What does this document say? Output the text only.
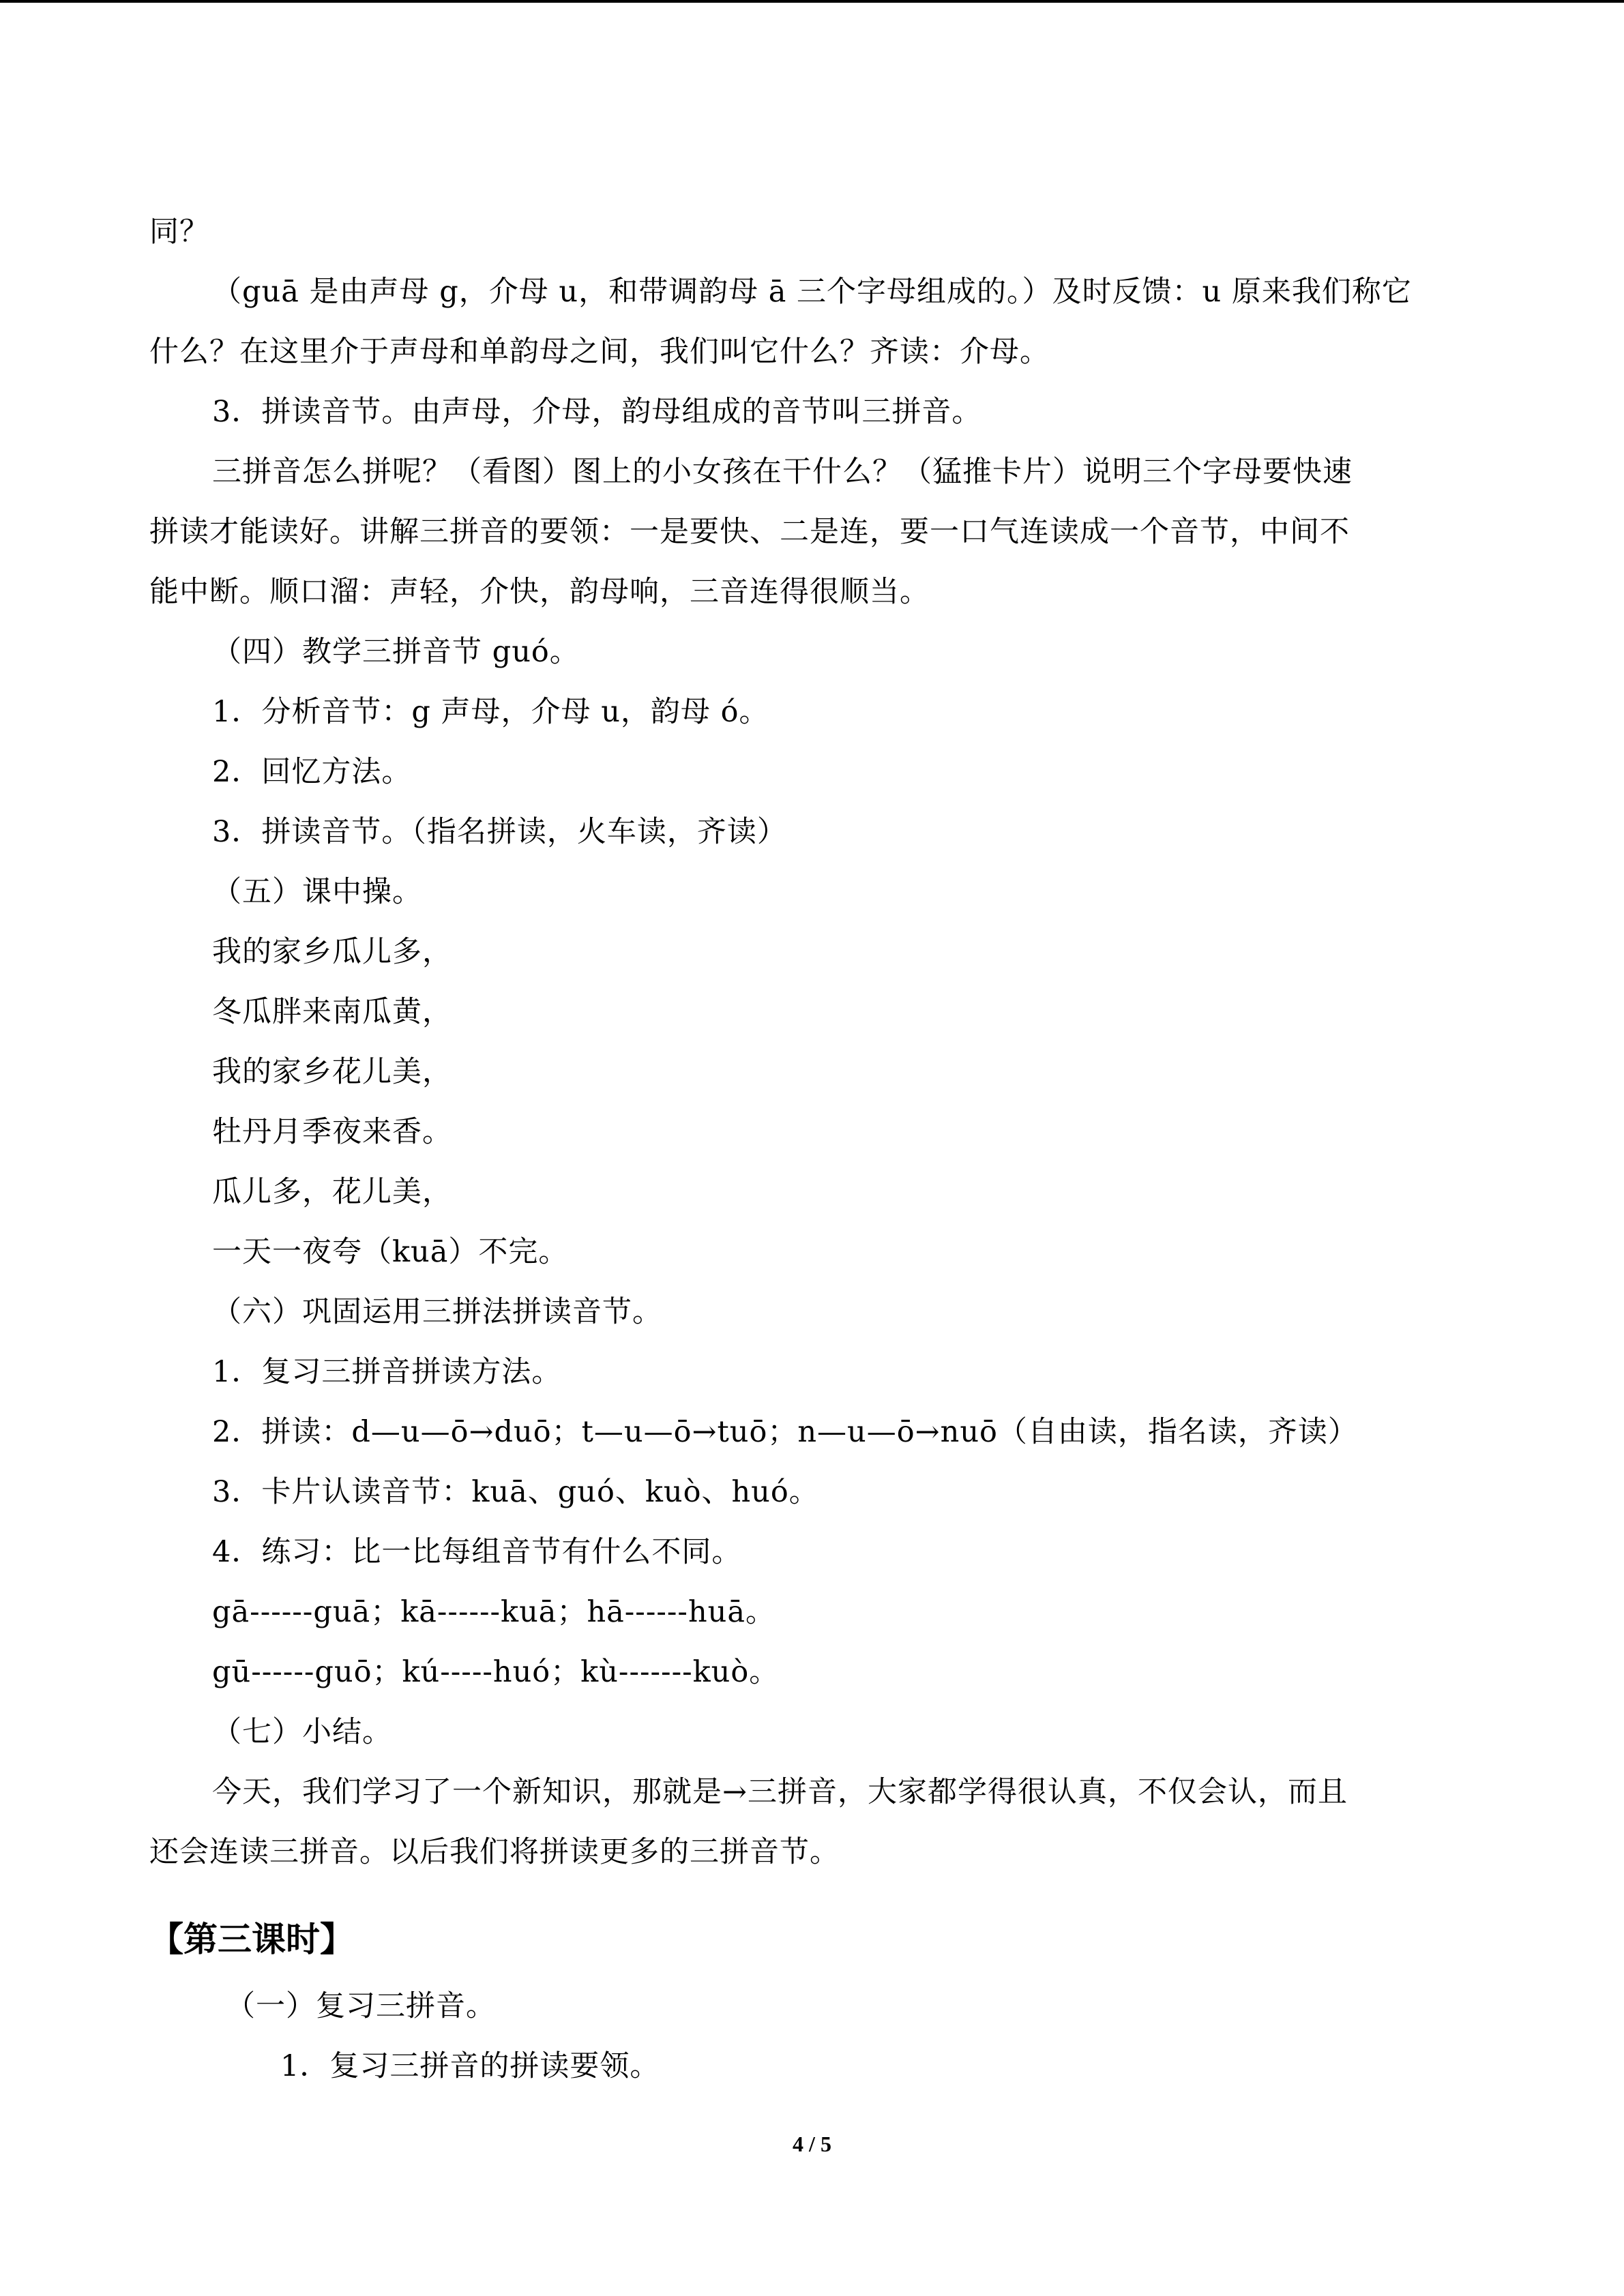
同？
（guā 是由声母 g，介母 u，和带调韵母 ā 三个字母组成的。）及时反馈：u 原来我们称它
什么？在这里介于声母和单韵母之间，我们叫它什么？齐读：介母。
3．拼读音节。由声母，介母，韵母组成的音节叫三拼音。
三拼音怎么拼呢？（看图）图上的小女孩在干什么？（猛推卡片）说明三个字母要快速
拼读才能读好。讲解三拼音的要领：一是要快、二是连，要一口气连读成一个音节，中间不
能中断。顺口溜：声轻，介快，韵母响，三音连得很顺当。
（四）教学三拼音节 guó。
1．分析音节：g 声母，介母 u，韵母 ó。
2．回忆方法。
3．拼读音节。（指名拼读，火车读，齐读）
（五）课中操。
我的家乡瓜儿多，
冬瓜胖来南瓜黄，
我的家乡花儿美，
牡丹月季夜来香。
瓜儿多，花儿美，
一天一夜夸（kuā）不完。
（六）巩固运用三拼法拼读音节。
1．复习三拼音拼读方法。
2．拼读：d—u—ō→duō；t—u—ō→tuō；n—u—ō→nuō（自由读，指名读，齐读）
3．卡片认读音节：kuā、guó、kuò、huó。
4．练习：比一比每组音节有什么不同。
gā------guā；kā------kuā；hā------huā。
gū------guō；kú-----huó；kù-------kuò。
（七）小结。
今天，我们学习了一个新知识，那就是→三拼音，大家都学得很认真，不仅会认，而且
还会连读三拼音。以后我们将拼读更多的三拼音节。
【第三课时】
（一）复习三拼音。
1．复习三拼音的拼读要领。
4 / 5
